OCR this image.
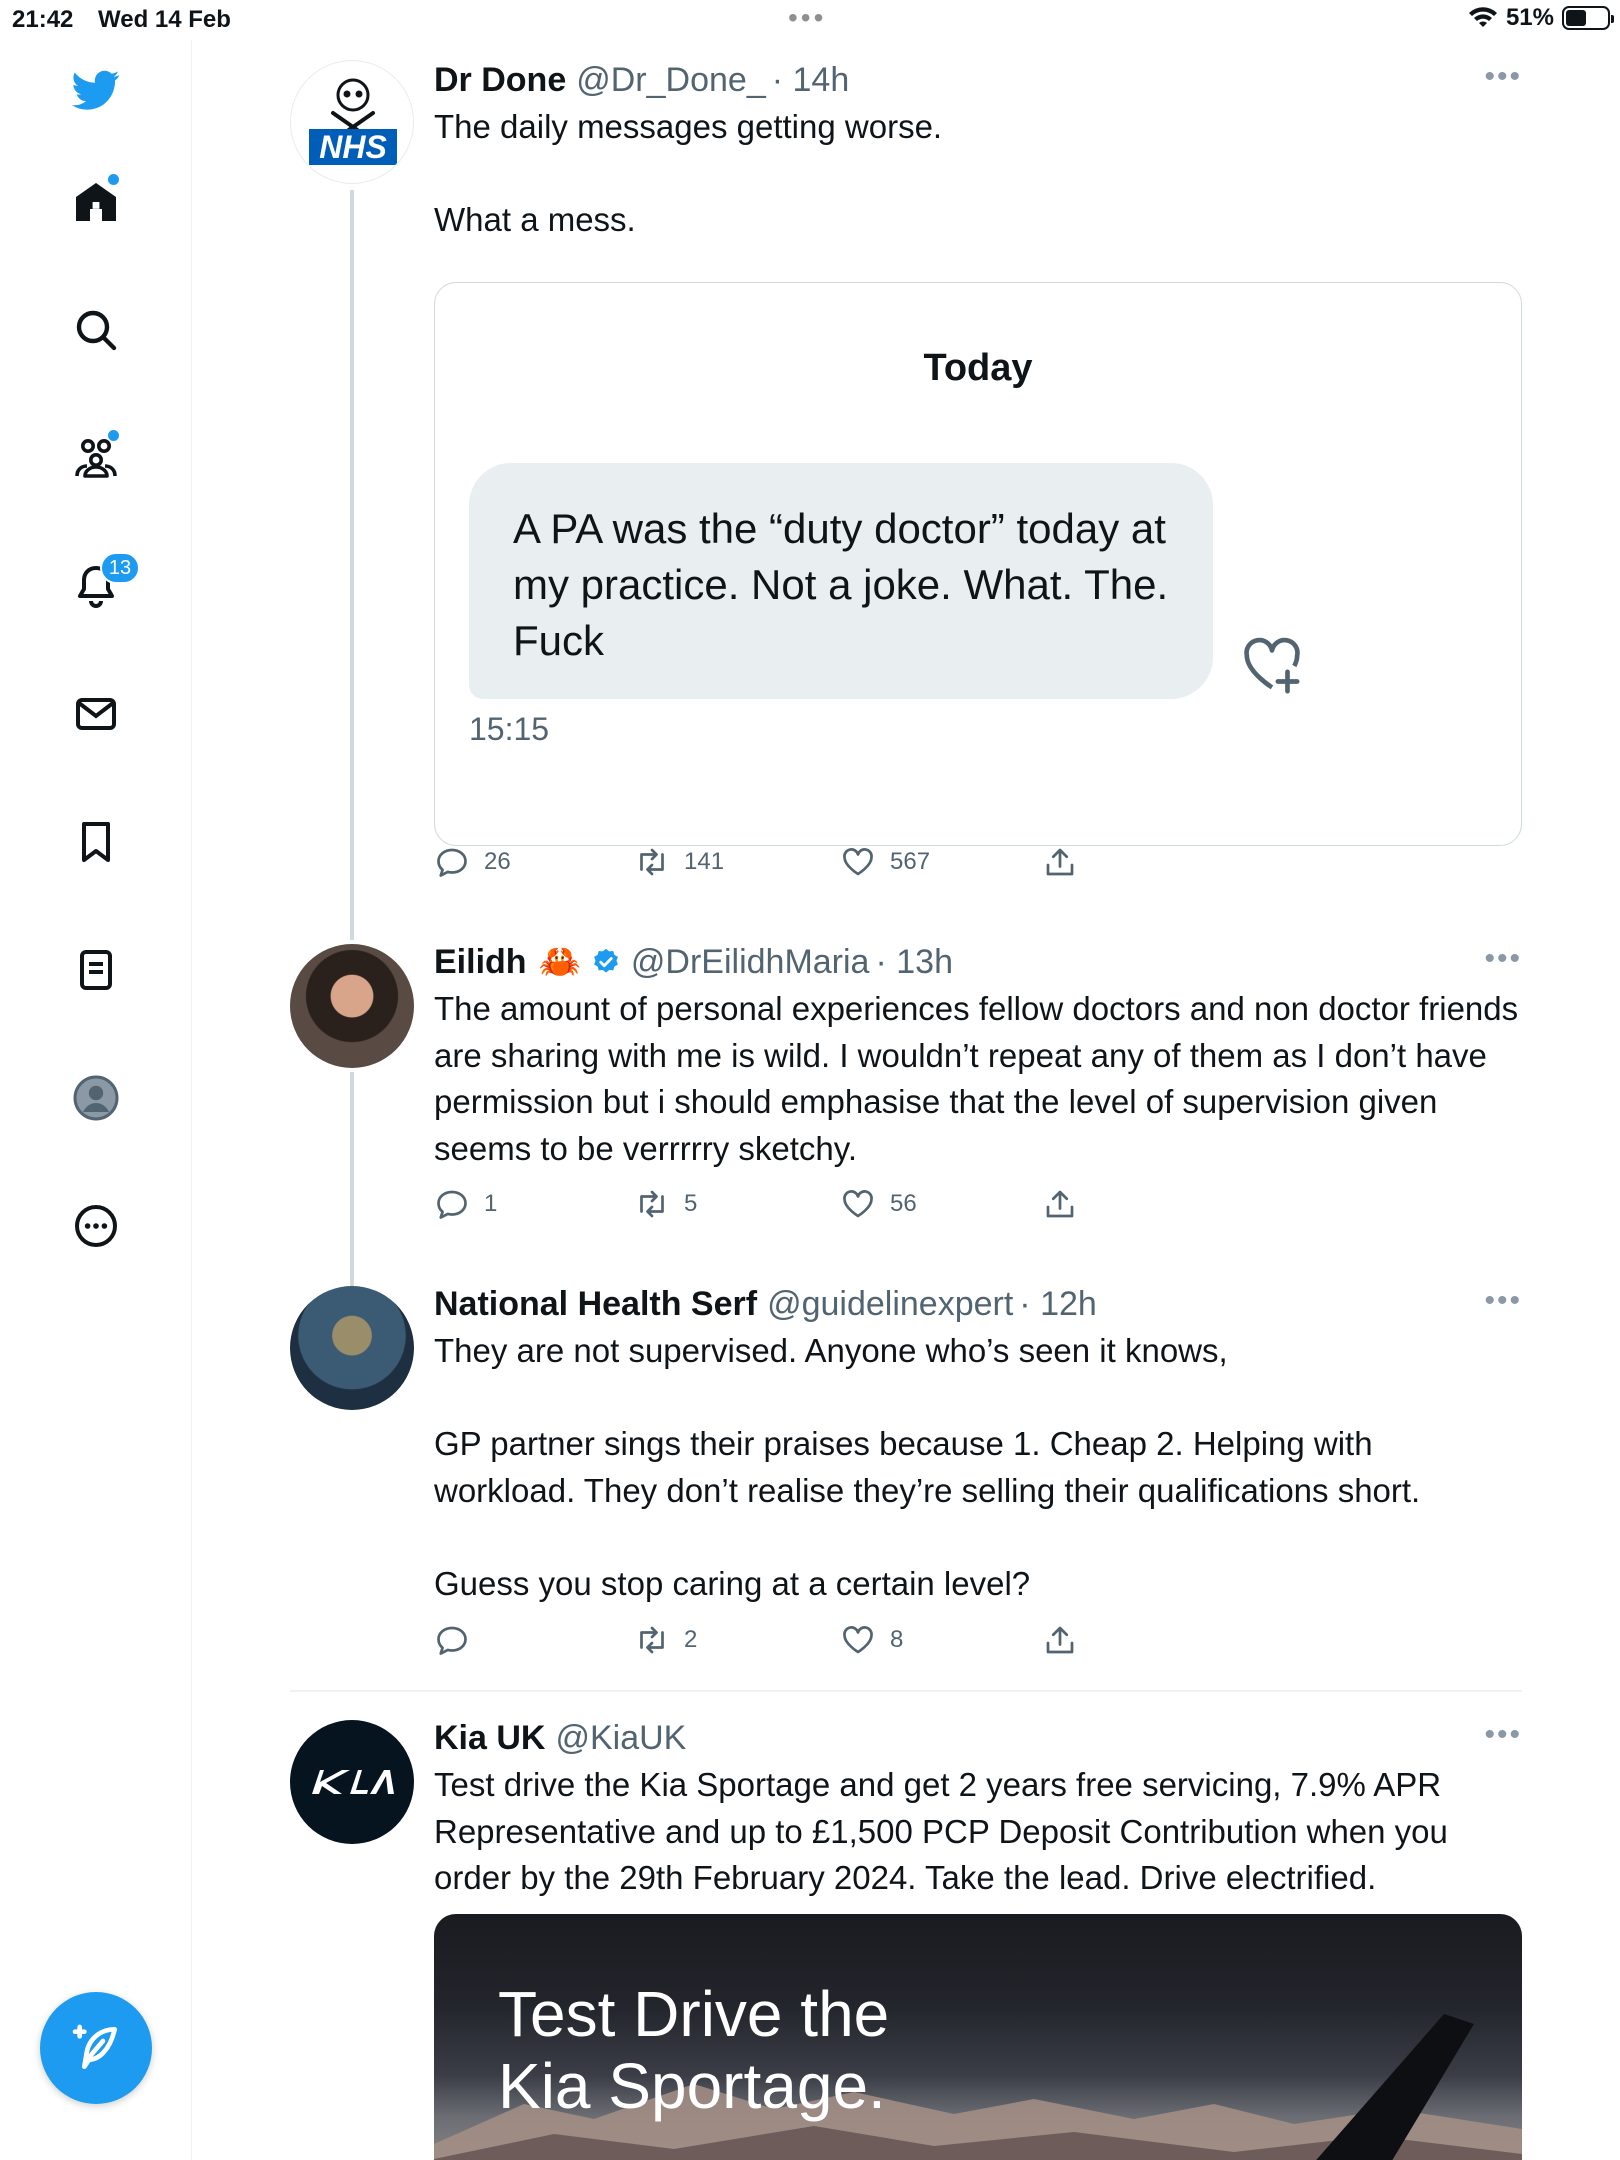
21:42 Wed 14 Feb	•••	51%
13
NHS
Dr Done @Dr_Done_ · 14h	•••
The daily messages getting worse.

What a mess.
Today
A PA was the “duty doctor” today at my practice. Not a joke. What. The. Fuck
15:15
26	141	567
Eilidh 🦀 @DrEilidhMaria · 13h	•••
The amount of personal experiences fellow doctors and non doctor friends are sharing with me is wild. I wouldn’t repeat any of them as I don’t have permission but i should emphasise that the level of supervision given seems to be verrrrry sketchy.
1	5	56
National Health Serf @guidelinexpert · 12h	•••
They are not supervised. Anyone who’s seen it knows,

GP partner sings their praises because 1. Cheap 2. Helping with workload. They don’t realise they’re selling their qualifications short.

Guess you stop caring at a certain level?
2	8
Kia UK @KiaUK	•••
Test drive the Kia Sportage and get 2 years free servicing, 7.9% APR Representative and up to £1,500 PCP Deposit Contribution when you order by the 29th February 2024. Take the lead. Drive electrified.
Test Drive the
Kia Sportage.
